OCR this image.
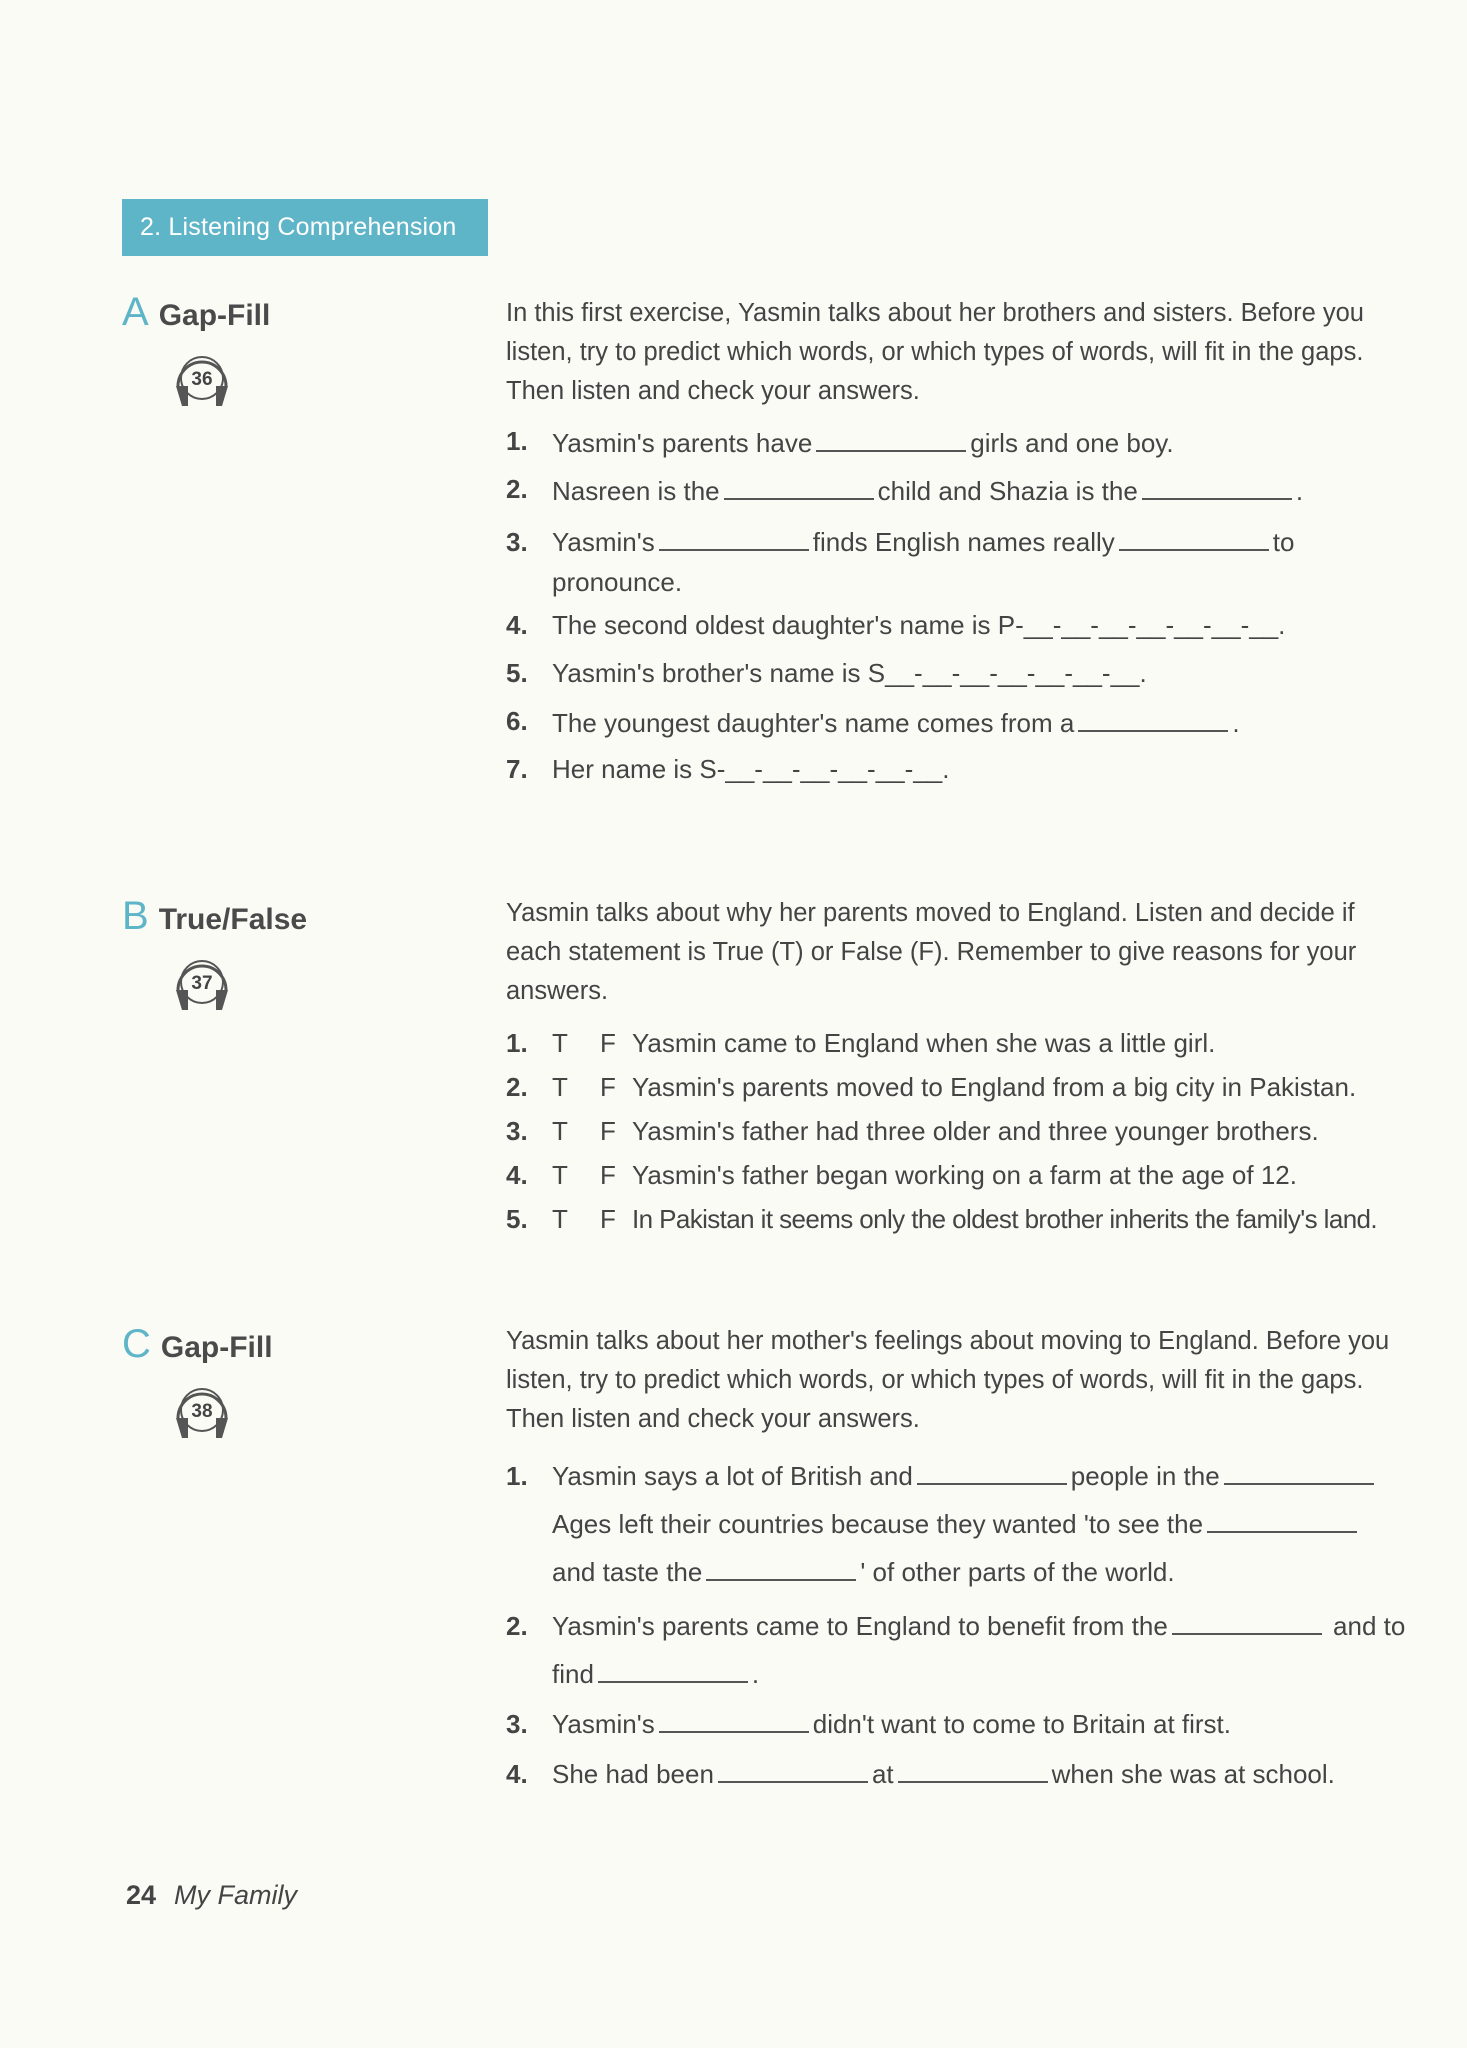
2. Listening Comprehension
A Gap-Fill
36
In this first exercise, Yasmin talks about her brothers and sisters. Before you listen, try to predict which words, or which types of words, will fit in the gaps. Then listen and check your answers.
1. Yasmin's parents have	girls and one boy.
2. Nasreen is the	child and Shazia is the	.
3. Yasmin's	finds English names really	to pronounce.
4. The second oldest daughter's name is P-__-__-__-__-__-__-__.
5. Yasmin's brother's name is S__-__-__-__-__-__-__.
6. The youngest daughter's name comes from a	.
7. Her name is S-__-__-__-__-__-__.
B True/False
37
Yasmin talks about why her parents moved to England. Listen and decide if each statement is True (T) or False (F). Remember to give reasons for your answers.
1. T F Yasmin came to England when she was a little girl.
2. T F Yasmin's parents moved to England from a big city in Pakistan.
3. T F Yasmin's father had three older and three younger brothers.
4. T F Yasmin's father began working on a farm at the age of 12.
5. T F In Pakistan it seems only the oldest brother inherits the family's land.
C Gap-Fill
38
Yasmin talks about her mother's feelings about moving to England. Before you listen, try to predict which words, or which types of words, will fit in the gaps. Then listen and check your answers.
1. Yasmin says a lot of British and	people in the Ages left their countries because they wanted 'to see the and taste the	' of other parts of the world.
2. Yasmin's parents came to England to benefit from the	and to find	.
3. Yasmin's	didn't want to come to Britain at first.
4. She had been	at	when she was at school.
24 My Family
